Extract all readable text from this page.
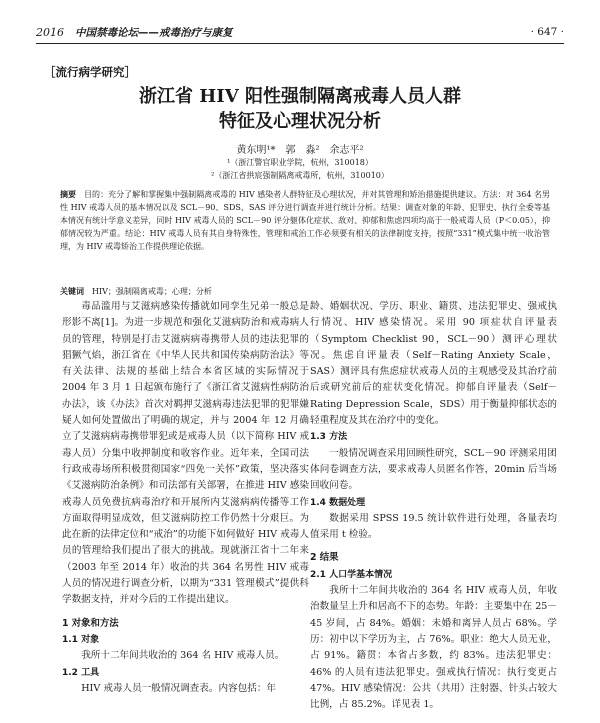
2016　 中国禁毒论坛——戒毒治疗与康复	· 647 ·
［流行病学研究］
浙江省 HIV 阳性强制隔离戒毒人员人群
特征及心理状况分析
黄东明¹*　郭　淼²　余志平²
¹（浙江警官职业学院，杭州，310018）
²（浙江省拱宸强制隔离戒毒所，杭州，310010）
摘要　 目的：充分了解和掌握集中强制隔离戒毒的 HIV 感染者人群特征及心理状况，并对其管理和矫治措施提供建议。方法：对 364 名男性 HIV 戒毒人员的基本情况以及 SCL－90、SDS、SAS 评分进行调查并进行统计分析。结果：调查对象的年龄、犯罪史、执行全委等基本情况有统计学意义差异，同时 HIV 戒毒人员的 SCL－90 评分躯体化症状、敌对、抑郁和焦虑四项均高于一般戒毒人员（P＜0.05），抑郁情况较为严重。结论：HIV 戒毒人员有其自身特殊性，管理和戒治工作必须要有相关的法律制度支持，按照“331”模式集中统一收治管理，为 HIV 戒毒矫治工作提供理论依据。
关键词　 HIV；强制隔离戒毒；心理；分析

毒品滥用与艾滋病感染传播就如同孪生兄弟一般总是形影不离[1]。为进一步规范和强化艾滋病防治和戒毒病人员的管理，特别是打击艾滋病病毒携带人员的违法犯罪的猖獗气焰，浙江省在《中华人民共和国传染病防治法》等有关法律、法规的基础上结合本省区域的实际情况于 2004 年 3 月 1 日起颁布施行了《浙江省艾滋病性病防治办法》，该《办法》首次对羁押艾滋病毒违法犯罪的犯罪嫌疑人如何处置做出了明确的规定，并与 2004 年 12 月确立了艾滋病病毒携带罪犯或是戒毒人员（以下简称 HIV 戒毒人员）分集中收押制度和收容作业。近年来，全国司法行政戒毒场所积极贯彻国家“四免一关怀”政策，坚决落实《艾滋病防治条例》和司法部有关部署，在推进 HIV 感染戒毒人员免费抗病毒治疗和开展所内艾滋病病传播等工作方面取得明显成效，但艾滋病防控工作仍然十分艰巨。为此在新的法律定位和“戒治”的功能下如何做好 HIV 戒毒人员的管理给我们提出了很大的挑战。现就浙江省十二年来（2003 年至 2014 年）收治的共 364 名男性 HIV 戒毒人员的情况进行调查分析，以期为“331 管理模式”提供科学数据支持，并对今后的工作提出建议。

1 对象和方法

1.1 对象

我所十二年间共收治的 364 名 HIV 戒毒人员。

1.2 工具

HIV 戒毒人员一般情况调查表。内容包括：年

龄、婚姻状况、学历、职业、籍贯、违法犯罪史、强戒执行情况、HIV 感染情况。采用 90 项症状自评量表（Symptom Checklist 90，SCL－90）测评心理状况。焦虑自评量表（Self－Rating Anxiety Scale，SAS）测评具有焦虑症状戒毒人员的主观感受及其治疗前后或研究前后的症状变化情况。抑郁自评量表（Self－Rating Depression Scale，SDS）用于衡量抑郁状态的轻重程度及其在治疗中的变化。

1.3 方法

一般情况调查采用回顾性研究，SCL－90 评测采用团体问卷调查方法，要求戒毒人员匿名作答，20min 后当场回收问卷。

1.4 数据处理

数据采用 SPSS 19.5 统计软件进行处理，各量表均值采用 t 检验。

2 结果

2.1 人口学基本情况

我所十二年间共收治的 364 名 HIV 戒毒人员，年收治数量呈上升和居高不下的态势。年龄：主要集中在 25－45 岁间，占 84%。婚姻：未婚和离异人员占 68%。学历：初中以下学历为主，占 76%。职业：绝大人员无业，占 91%。籍贯：本省占多数，约 83%。违法犯罪史：46% 的人员有违法犯罪史。强戒执行情况：执行变更占 47%。HIV 感染情况：公共（共用）注射器、针头占较大比例，占 85.2%。详见表 1。
